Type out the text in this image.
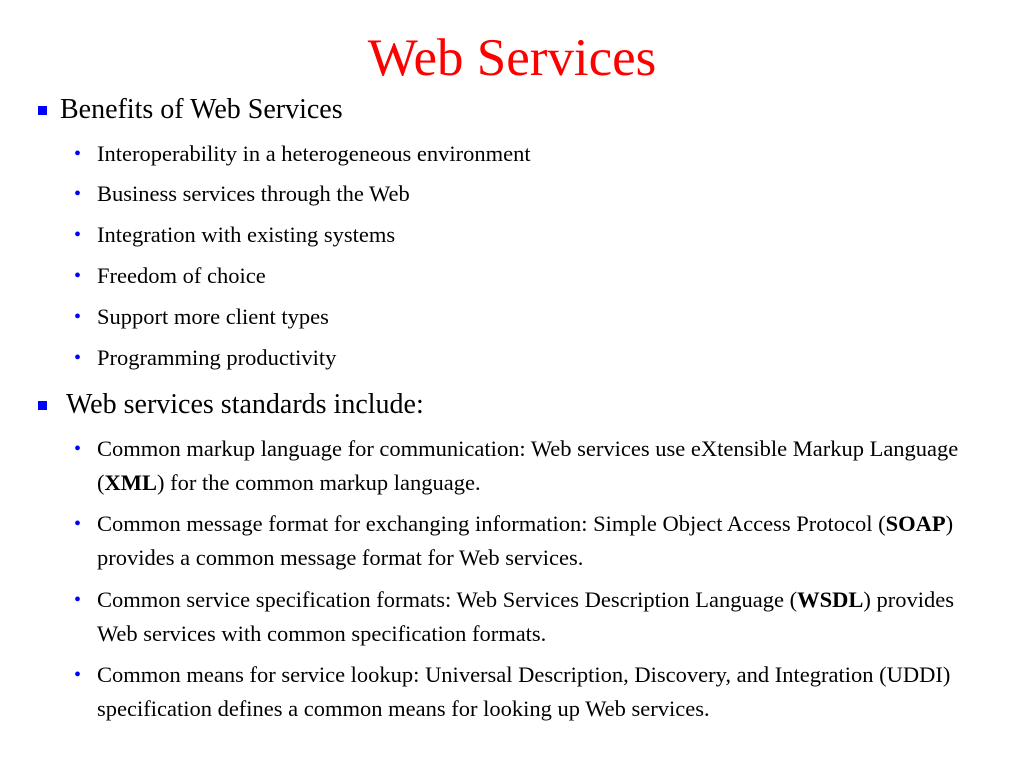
Web Services
Benefits of Web Services
• Interoperability in a heterogeneous environment
• Business services through the Web
• Integration with existing systems
• Freedom of choice
• Support more client types
• Programming productivity
Web services standards include:
• Common markup language for communication: Web services use eXtensible Markup Language (XML) for the common markup language.
• Common message format for exchanging information: Simple Object Access Protocol (SOAP) provides a common message format for Web services.
• Common service specification formats: Web Services Description Language (WSDL) provides Web services with common specification formats.
• Common means for service lookup: Universal Description, Discovery, and Integration (UDDI) specification defines a common means for looking up Web services.
